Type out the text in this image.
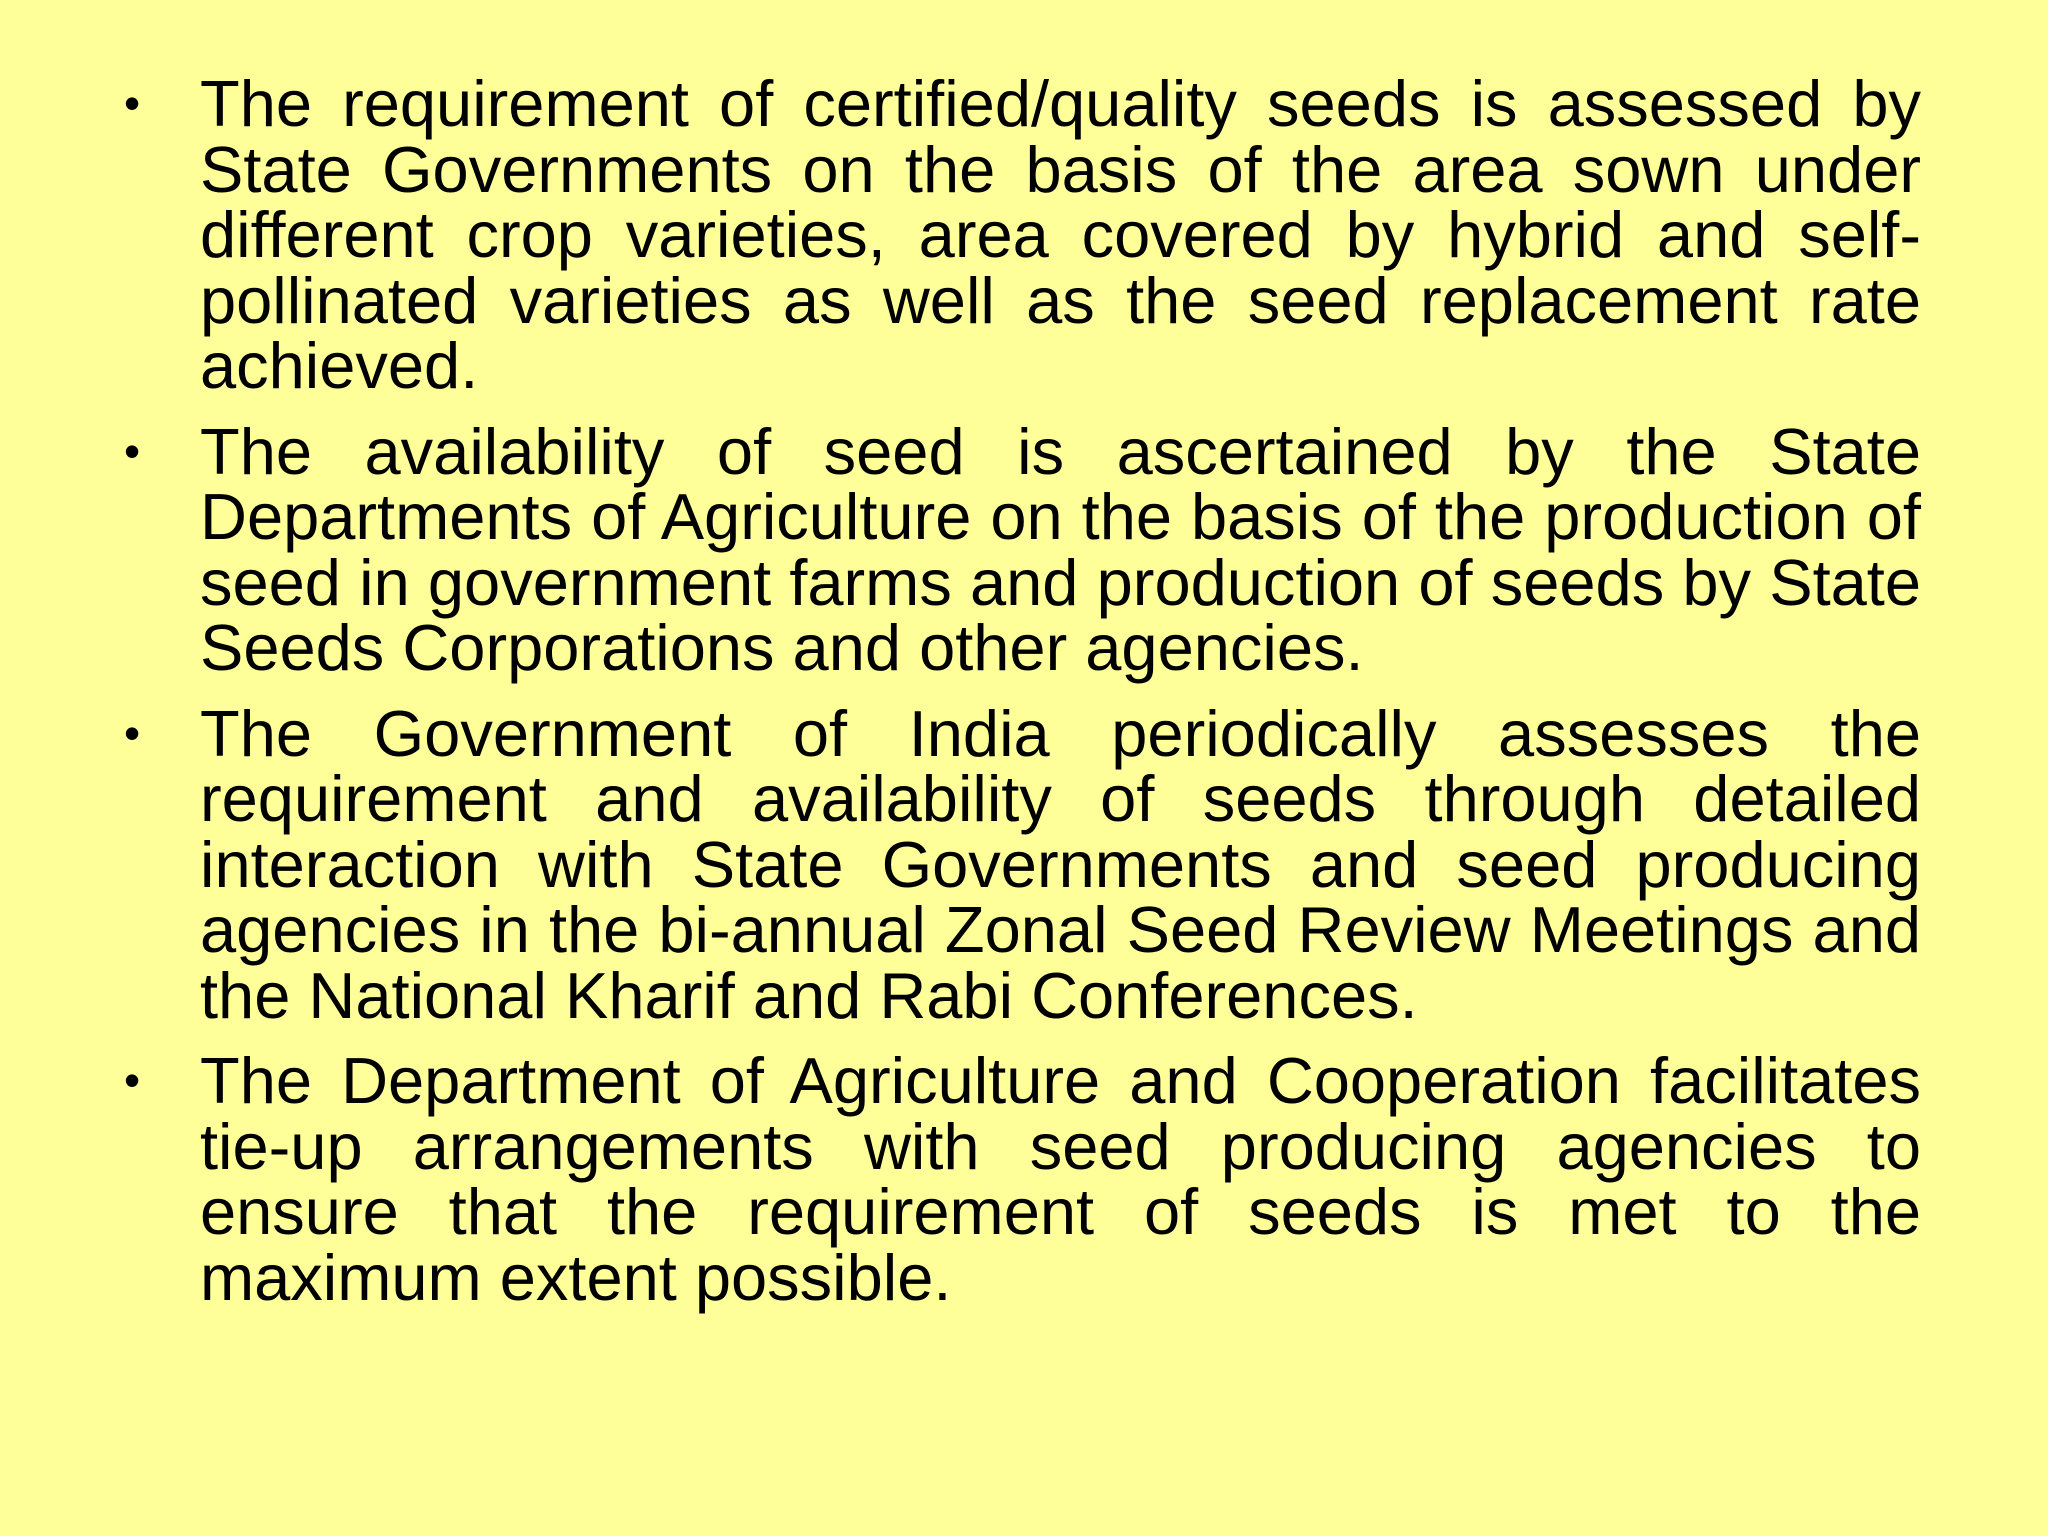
• The requirement of certified/quality seeds is assessed by State Governments on the basis of the area sown under different crop varieties, area covered by hybrid and self-pollinated varieties as well as the seed replacement rate achieved.
• The availability of seed is ascertained by the State Departments of Agriculture on the basis of the production of seed in government farms and production of seeds by State Seeds Corporations and other agencies.
• The Government of India periodically assesses the requirement and availability of seeds through detailed interaction with State Governments and seed producing agencies in the bi-annual Zonal Seed Review Meetings and the National Kharif and Rabi Conferences.
• The Department of Agriculture and Cooperation facilitates tie-up arrangements with seed producing agencies to ensure that the requirement of seeds is met to the maximum extent possible.
